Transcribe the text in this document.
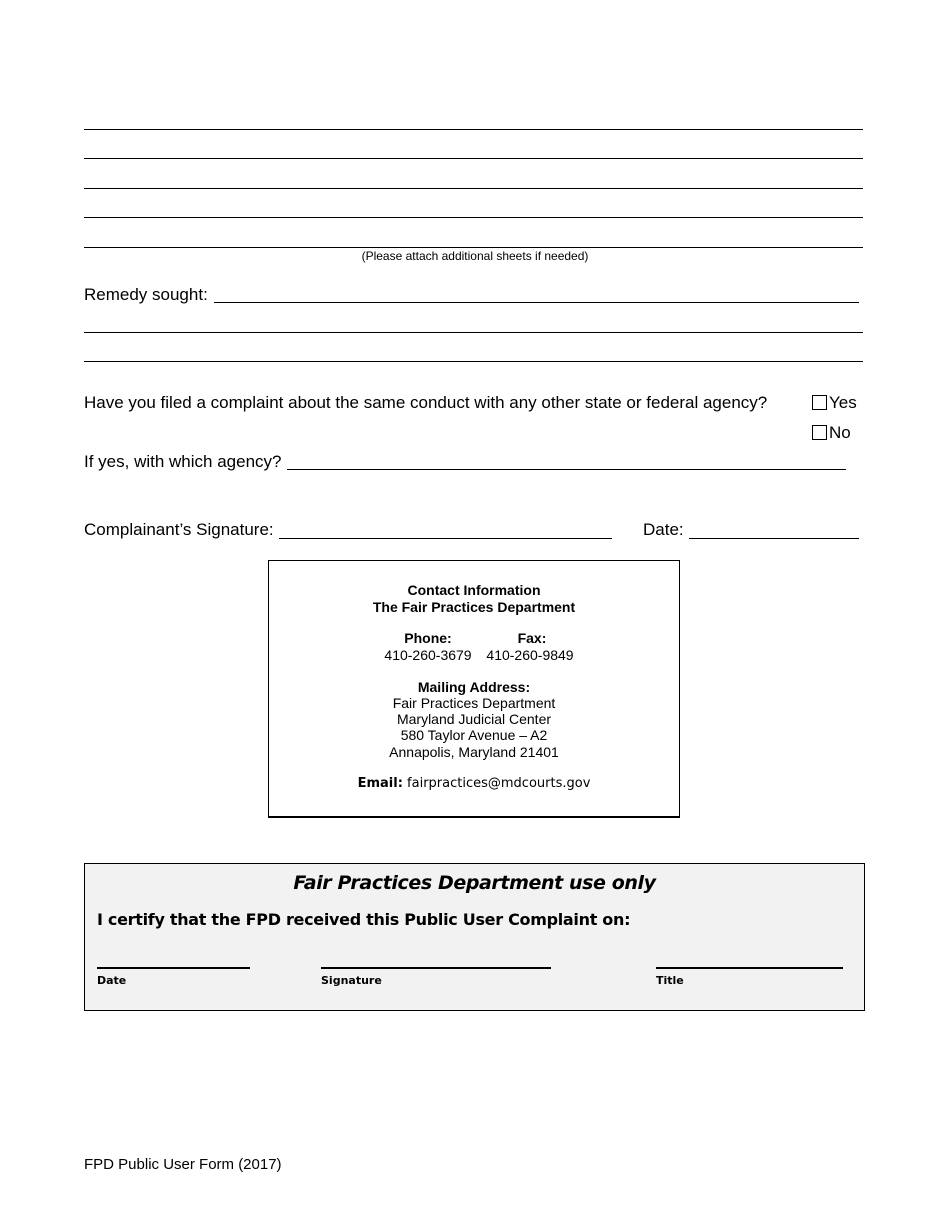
(Please attach additional sheets if needed)
Remedy sought:
Have you filed a complaint about the same conduct with any other state or federal agency?	Yes
No
If yes, with which agency?
Complainant’s Signature:	Date:
Contact Information
The Fair Practices Department
Phone:	Fax:
410-260-3679	410-260-9849
Mailing Address:
Fair Practices Department
Maryland Judicial Center
580 Taylor Avenue – A2
Annapolis, Maryland 21401
Email: fairpractices@mdcourts.gov
Fair Practices Department use only
I certify that the FPD received this Public User Complaint on:
Date	Signature	Title
FPD Public User Form (2017)
